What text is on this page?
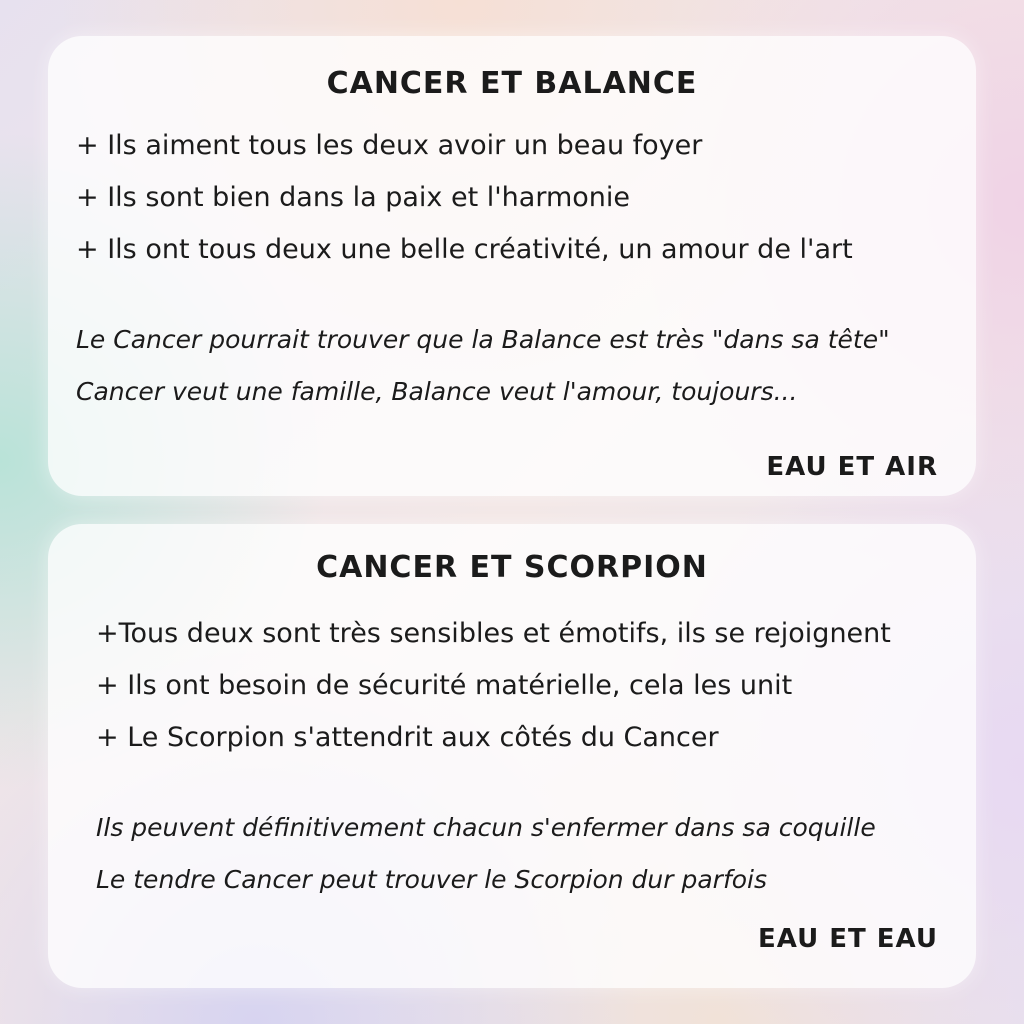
CANCER ET BALANCE
+ Ils aiment tous les deux avoir un beau foyer
+ Ils sont bien dans la paix et l'harmonie
+ Ils ont tous deux une belle créativité, un amour de l'art
Le Cancer pourrait trouver que la Balance est très "dans sa tête"
Cancer veut une famille, Balance veut l'amour, toujours...
EAU ET AIR
CANCER ET SCORPION
+Tous deux sont très sensibles et émotifs, ils se rejoignent
+ Ils ont besoin de sécurité matérielle, cela les unit
+ Le Scorpion s'attendrit aux côtés du Cancer
Ils peuvent définitivement chacun s'enfermer dans sa coquille
Le tendre Cancer peut trouver le Scorpion dur parfois
EAU ET EAU
